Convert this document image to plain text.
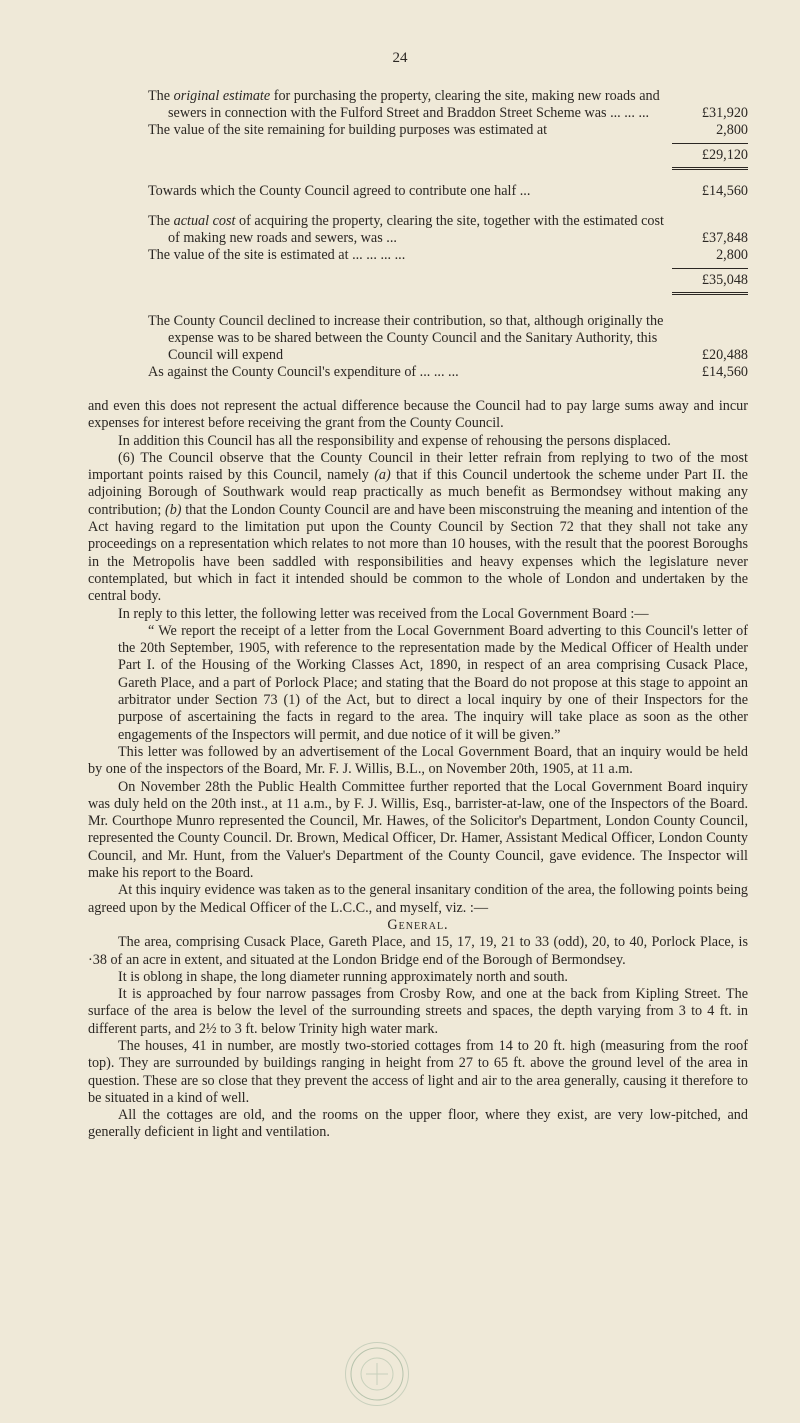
24
The original estimate for purchasing the property, clearing the site, making new roads and sewers in connection with the Fulford Street and Braddon Street Scheme was ... ... ...	£31,920
The value of the site remaining for building purposes was estimated at	2,800
£29,120
Towards which the County Council agreed to contribute one half ...	£14,560
The actual cost of acquiring the property, clearing the site, together with the estimated cost of making new roads and sewers, was ...	£37,848
The value of the site is estimated at ... ... ... ...	2,800
£35,048
The County Council declined to increase their contribution, so that, although originally the expense was to be shared between the County Council and the Sanitary Authority, this Council will expend	£20,488
As against the County Council's expenditure of ... ... ...	£14,560

and even this does not represent the actual difference because the Council had to pay large sums away and incur expenses for interest before receiving the grant from the County Council.

In addition this Council has all the responsibility and expense of rehousing the persons displaced.

(6) The Council observe that the County Council in their letter refrain from replying to two of the most important points raised by this Council, namely (a) that if this Council undertook the scheme under Part II. the adjoining Borough of Southwark would reap practically as much benefit as Bermondsey without making any contribution; (b) that the London County Council are and have been misconstruing the meaning and intention of the Act having regard to the limitation put upon the County Council by Section 72 that they shall not take any proceedings on a representation which relates to not more than 10 houses, with the result that the poorest Boroughs in the Metropolis have been saddled with responsibilities and heavy expenses which the legislature never contemplated, but which in fact it intended should be common to the whole of London and undertaken by the central body.

In reply to this letter, the following letter was received from the Local Government Board :—

“ We report the receipt of a letter from the Local Government Board adverting to this Council's letter of the 20th September, 1905, with reference to the representation made by the Medical Officer of Health under Part I. of the Housing of the Working Classes Act, 1890, in respect of an area comprising Cusack Place, Gareth Place, and a part of Porlock Place; and stating that the Board do not propose at this stage to appoint an arbitrator under Section 73 (1) of the Act, but to direct a local inquiry by one of their Inspectors for the purpose of ascertaining the facts in regard to the area. The inquiry will take place as soon as the other engagements of the Inspectors will permit, and due notice of it will be given.”

This letter was followed by an advertisement of the Local Government Board, that an inquiry would be held by one of the inspectors of the Board, Mr. F. J. Willis, B.L., on November 20th, 1905, at 11 a.m.

On November 28th the Public Health Committee further reported that the Local Government Board inquiry was duly held on the 20th inst., at 11 a.m., by F. J. Willis, Esq., barrister-at-law, one of the Inspectors of the Board. Mr. Courthope Munro represented the Council, Mr. Hawes, of the Solicitor's Department, London County Council, represented the County Council. Dr. Brown, Medical Officer, Dr. Hamer, Assistant Medical Officer, London County Council, and Mr. Hunt, from the Valuer's Department of the County Council, gave evidence. The Inspector will make his report to the Board.

At this inquiry evidence was taken as to the general insanitary condition of the area, the following points being agreed upon by the Medical Officer of the L.C.C., and myself, viz. :—

General.

The area, comprising Cusack Place, Gareth Place, and 15, 17, 19, 21 to 33 (odd), 20, to 40, Porlock Place, is ·38 of an acre in extent, and situated at the London Bridge end of the Borough of Bermondsey.

It is oblong in shape, the long diameter running approximately north and south.

It is approached by four narrow passages from Crosby Row, and one at the back from Kipling Street. The surface of the area is below the level of the surrounding streets and spaces, the depth varying from 3 to 4 ft. in different parts, and 2½ to 3 ft. below Trinity high water mark.

The houses, 41 in number, are mostly two-storied cottages from 14 to 20 ft. high (measuring from the roof top). They are surrounded by buildings ranging in height from 27 to 65 ft. above the ground level of the area in question. These are so close that they prevent the access of light and air to the area generally, causing it therefore to be situated in a kind of well.

All the cottages are old, and the rooms on the upper floor, where they exist, are very low-pitched, and generally deficient in light and ventilation.
